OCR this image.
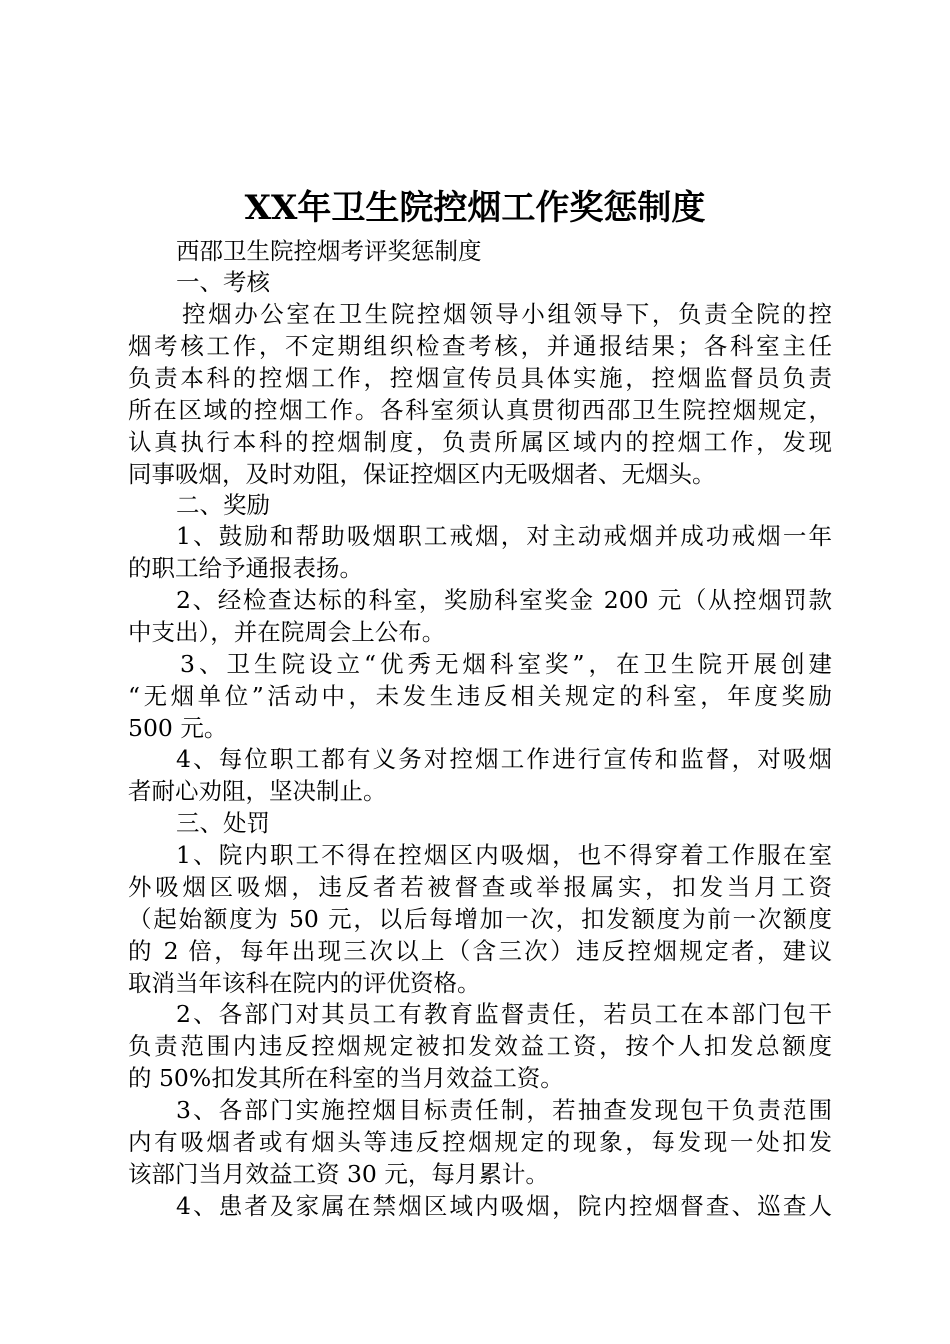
XX年卫生院控烟工作奖惩制度
西邵卫生院控烟考评奖惩制度
一、考核
控烟办公室在卫生院控烟领导小组领导下，负责全院的控
烟考核工作，不定期组织检查考核，并通报结果；各科室主任
负责本科的控烟工作，控烟宣传员具体实施，控烟监督员负责
所在区域的控烟工作。各科室须认真贯彻西邵卫生院控烟规定，
认真执行本科的控烟制度，负责所属区域内的控烟工作，发现
同事吸烟，及时劝阻，保证控烟区内无吸烟者、无烟头。
二、奖励
1、鼓励和帮助吸烟职工戒烟，对主动戒烟并成功戒烟一年
的职工给予通报表扬。
2、经检查达标的科室，奖励科室奖金 200 元（从控烟罚款
中支出），并在院周会上公布。
3、卫生院设立“优秀无烟科室奖”，在卫生院开展创建
“无烟单位”活动中，未发生违反相关规定的科室，年度奖励
500 元。
4、每位职工都有义务对控烟工作进行宣传和监督，对吸烟
者耐心劝阻，坚决制止。
三、处罚
1、院内职工不得在控烟区内吸烟，也不得穿着工作服在室
外吸烟区吸烟，违反者若被督查或举报属实，扣发当月工资
（起始额度为 50 元，以后每增加一次，扣发额度为前一次额度
的 2 倍，每年出现三次以上（含三次）违反控烟规定者，建议
取消当年该科在院内的评优资格。
2、各部门对其员工有教育监督责任，若员工在本部门包干
负责范围内违反控烟规定被扣发效益工资，按个人扣发总额度
的 50%扣发其所在科室的当月效益工资。
3、各部门实施控烟目标责任制，若抽查发现包干负责范围
内有吸烟者或有烟头等违反控烟规定的现象，每发现一处扣发
该部门当月效益工资 30 元，每月累计。
4、患者及家属在禁烟区域内吸烟，院内控烟督查、巡查人
